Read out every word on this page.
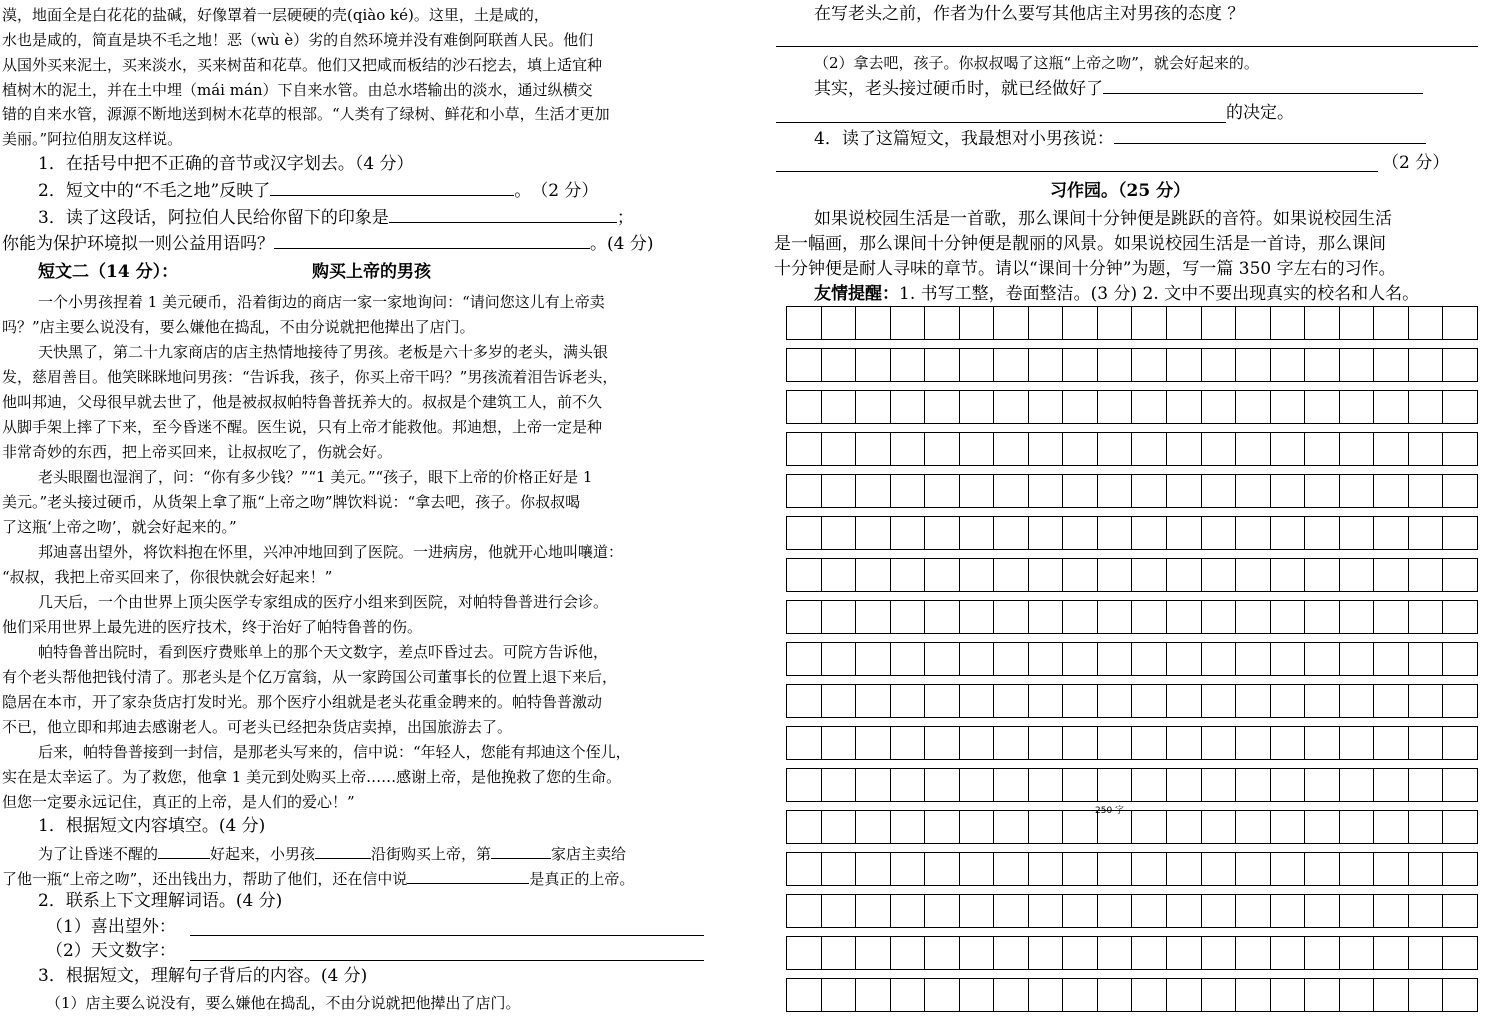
漠，地面全是白花花的盐碱，好像罩着一层硬硬的壳(qiào ké)。这里，土是咸的，
水也是咸的，简直是块不毛之地！恶（wù è）劣的自然环境并没有难倒阿联酋人民。他们
从国外买来泥土，买来淡水，买来树苗和花草。他们又把咸而板结的沙石挖去，填上适宜种
植树木的泥土，并在土中埋（mái mán）下自来水管。由总水塔输出的淡水，通过纵横交
错的自来水管，源源不断地送到树木花草的根部。“人类有了绿树、鲜花和小草，生活才更加
美丽。”阿拉伯朋友这样说。
1．在括号中把不正确的音节或汉字划去。（4 分）
2．短文中的“不毛之地”反映了	。　（2 分）
3．读了这段话，阿拉伯人民给你留下的印象是	；
你能为保护环境拟一则公益用语吗？	。(4 分)
短文二（14 分）：	购买上帝的男孩
一个小男孩捏着 1 美元硬币，沿着街边的商店一家一家地询问：“请问您这儿有上帝卖
吗？”店主要么说没有，要么嫌他在捣乱，不由分说就把他撵出了店门。
天快黑了，第二十九家商店的店主热情地接待了男孩。老板是六十多岁的老头，满头银
发，慈眉善目。他笑眯眯地问男孩：“告诉我，孩子，你买上帝干吗？”男孩流着泪告诉老头，
他叫邦迪，父母很早就去世了，他是被叔叔帕特鲁普抚养大的。叔叔是个建筑工人，前不久
从脚手架上摔了下来，至今昏迷不醒。医生说，只有上帝才能救他。邦迪想，上帝一定是种
非常奇妙的东西，把上帝买回来，让叔叔吃了，伤就会好。
老头眼圈也湿润了，问：“你有多少钱？”“1 美元。”“孩子，眼下上帝的价格正好是 1
美元。”老头接过硬币，从货架上拿了瓶“上帝之吻”牌饮料说：“拿去吧，孩子。你叔叔喝
了这瓶‘上帝之吻’，就会好起来的。”
邦迪喜出望外，将饮料抱在怀里，兴冲冲地回到了医院。一进病房，他就开心地叫嚷道：
“叔叔，我把上帝买回来了，你很快就会好起来！”
几天后，一个由世界上顶尖医学专家组成的医疗小组来到医院，对帕特鲁普进行会诊。
他们采用世界上最先进的医疗技术，终于治好了帕特鲁普的伤。
帕特鲁普出院时，看到医疗费账单上的那个天文数字，差点吓昏过去。可院方告诉他，
有个老头帮他把钱付清了。那老头是个亿万富翁，从一家跨国公司董事长的位置上退下来后，
隐居在本市，开了家杂货店打发时光。那个医疗小组就是老头花重金聘来的。帕特鲁普激动
不已，他立即和邦迪去感谢老人。可老头已经把杂货店卖掉，出国旅游去了。
后来，帕特鲁普接到一封信，是那老头写来的，信中说：“年轻人，您能有邦迪这个侄儿，
实在是太幸运了。为了救您，他拿 1 美元到处购买上帝……感谢上帝，是他挽救了您的生命。
但您一定要永远记住，真正的上帝，是人们的爱心！”
1．根据短文内容填空。(4 分)
为了让昏迷不醒的	好起来，小男孩	沿街购买上帝，第	家店主卖给
了他一瓶“上帝之吻”，还出钱出力，帮助了他们，还在信中说	是真正的上帝。
2．联系上下文理解词语。(4 分)
（1）喜出望外：
（2）天文数字：
3．根据短文，理解句子背后的内容。(4 分)
（1）店主要么说没有，要么嫌他在捣乱，不由分说就把他撵出了店门。
在写老头之前，作者为什么要写其他店主对男孩的态度 ？
（2）拿去吧，孩子。你叔叔喝了这瓶“上帝之吻”，就会好起来的。
其实，老头接过硬币时，就已经做好了
的决定。
4．读了这篇短文，我最想对小男孩说：
（2 分）
习作园。（25 分）
如果说校园生活是一首歌，那么课间十分钟便是跳跃的音符。如果说校园生活
是一幅画，那么课间十分钟便是靓丽的风景。如果说校园生活是一首诗，那么课间
十分钟便是耐人寻味的章节。请以“课间十分钟”为题，写一篇 350 字左右的习作。
友情提醒：1. 书写工整，卷面整洁。(3 分) 2. 文中不要出现真实的校名和人名。
250 字
